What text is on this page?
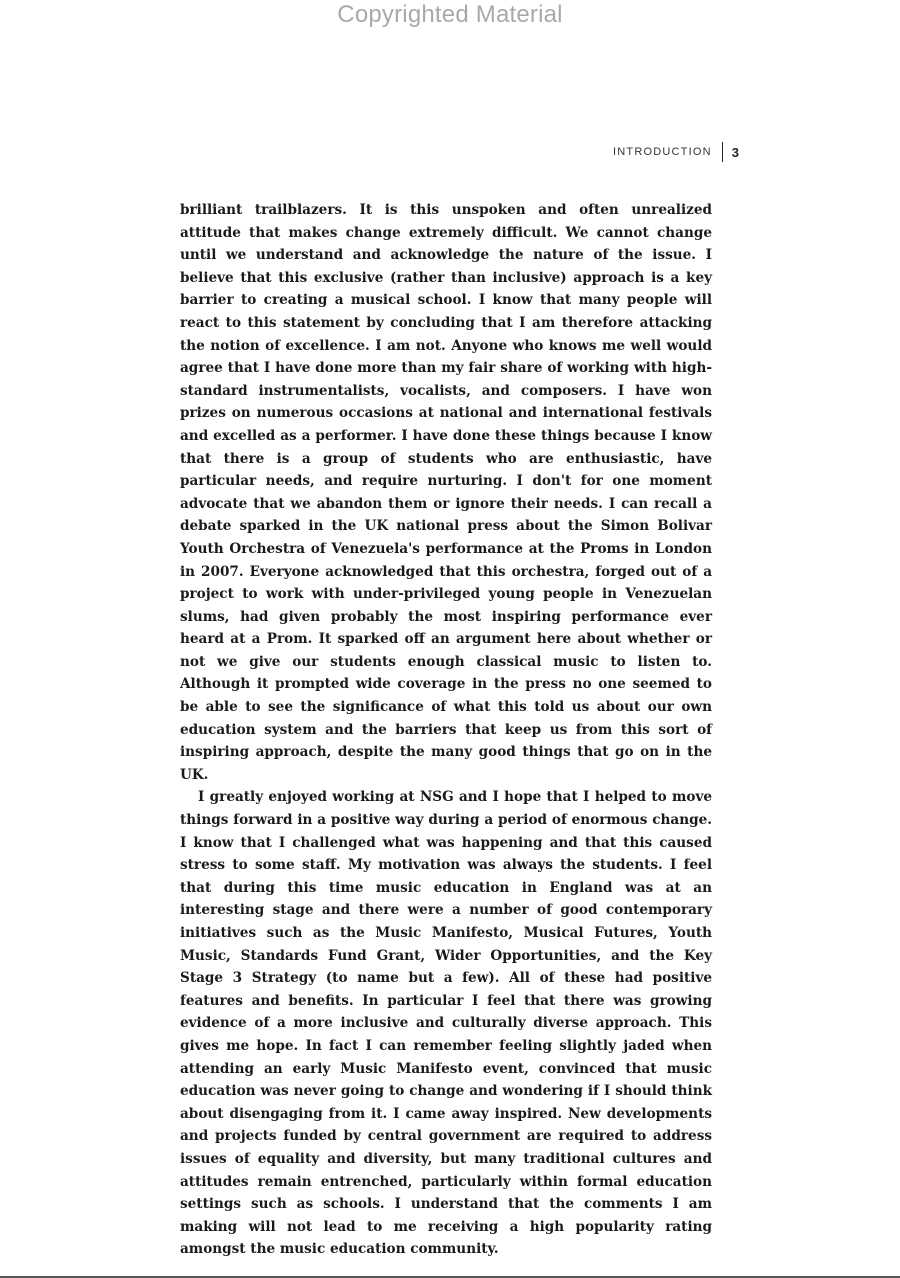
Copyrighted Material
INTRODUCTION 3

brilliant trailblazers. It is this unspoken and often unrealized attitude that makes change extremely difficult. We cannot change until we understand and acknowledge the nature of the issue. I believe that this exclusive (rather than inclusive) approach is a key barrier to creating a musical school. I know that many people will react to this statement by concluding that I am therefore attacking the notion of excellence. I am not. Anyone who knows me well would agree that I have done more than my fair share of working with high-standard instrumentalists, vocalists, and composers. I have won prizes on numerous occasions at national and international festivals and excelled as a performer. I have done these things because I know that there is a group of students who are enthusiastic, have particular needs, and require nurturing. I don't for one moment advocate that we abandon them or ignore their needs. I can recall a debate sparked in the UK national press about the Simon Bolivar Youth Orchestra of Venezuela's performance at the Proms in London in 2007. Everyone acknowledged that this orchestra, forged out of a project to work with under-privileged young people in Venezuelan slums, had given probably the most inspiring performance ever heard at a Prom. It sparked off an argument here about whether or not we give our students enough classical music to listen to. Although it prompted wide coverage in the press no one seemed to be able to see the significance of what this told us about our own education system and the barriers that keep us from this sort of inspiring approach, despite the many good things that go on in the UK.

I greatly enjoyed working at NSG and I hope that I helped to move things forward in a positive way during a period of enormous change. I know that I challenged what was happening and that this caused stress to some staff. My motivation was always the students. I feel that during this time music education in England was at an interesting stage and there were a number of good contemporary initiatives such as the Music Manifesto, Musical Futures, Youth Music, Standards Fund Grant, Wider Opportunities, and the Key Stage 3 Strategy (to name but a few). All of these had positive features and benefits. In particular I feel that there was growing evidence of a more inclusive and culturally diverse approach. This gives me hope. In fact I can remember feeling slightly jaded when attending an early Music Manifesto event, convinced that music education was never going to change and wondering if I should think about disengaging from it. I came away inspired. New developments and projects funded by central government are required to address issues of equality and diversity, but many traditional cultures and attitudes remain entrenched, particularly within formal education settings such as schools. I understand that the comments I am making will not lead to me receiving a high popularity rating amongst the music education community.
